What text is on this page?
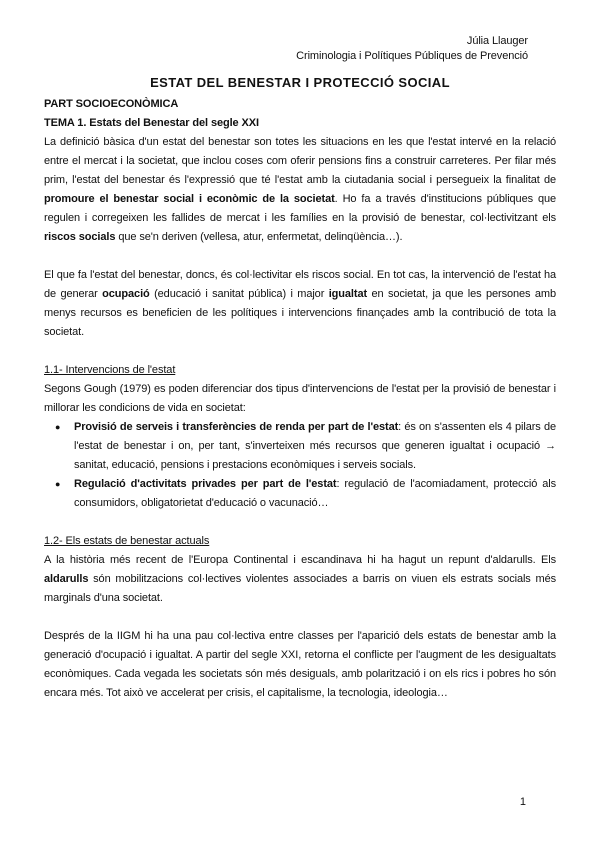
Júlia Llauger
Criminologia i Polítiques Públiques de Prevenció
ESTAT DEL BENESTAR I PROTECCIÓ SOCIAL

PART SOCIOECONÒMICA

TEMA 1. Estats del Benestar del segle XXI

La definició bàsica d'un estat del benestar son totes les situacions en les que l'estat intervé en la relació entre el mercat i la societat, que inclou coses com oferir pensions fins a construir carreteres. Per filar més prim, l'estat del benestar és l'expressió que té l'estat amb la ciutadania social i persegueix la finalitat de promoure el benestar social i econòmic de la societat. Ho fa a través d'institucions públiques que regulen i corregeixen les fallides de mercat i les famílies en la provisió de benestar, col·lectivitzant els riscos socials que se'n deriven (vellesa, atur, enfermetat, delinqüència…).

El que fa l'estat del benestar, doncs, és col·lectivitar els riscos social. En tot cas, la intervenció de l'estat ha de generar ocupació (educació i sanitat pública) i major igualtat en societat, ja que les persones amb menys recursos es beneficien de les polítiques i intervencions finançades amb la contribució de tota la societat.

1.1- Intervencions de l'estat

Segons Gough (1979) es poden diferenciar dos tipus d'intervencions de l'estat per la provisió de benestar i millorar les condicions de vida en societat:

● Provisió de serveis i transferències de renda per part de l'estat: és on s'assenten els 4 pilars de l'estat de benestar i on, per tant, s'inverteixen més recursos que generen igualtat i ocupació → sanitat, educació, pensions i prestacions econòmiques i serveis socials.
● Regulació d'activitats privades per part de l'estat: regulació de l'acomiadament, protecció als consumidors, obligatorietat d'educació o vacunació…

1.2- Els estats de benestar actuals

A la història més recent de l'Europa Continental i escandinava hi ha hagut un repunt d'aldarulls. Els aldarulls són mobilitzacions col·lectives violentes associades a barris on viuen els estrats socials més marginals d'una societat.

Després de la IIGM hi ha una pau col·lectiva entre classes per l'aparició dels estats de benestar amb la generació d'ocupació i igualtat. A partir del segle XXI, retorna el conflicte per l'augment de les desigualtats econòmiques. Cada vegada les societats són més desiguals, amb polarització i on els rics i pobres ho són encara més. Tot això ve accelerat per crisis, el capitalisme, la tecnologia, ideologia…

1
